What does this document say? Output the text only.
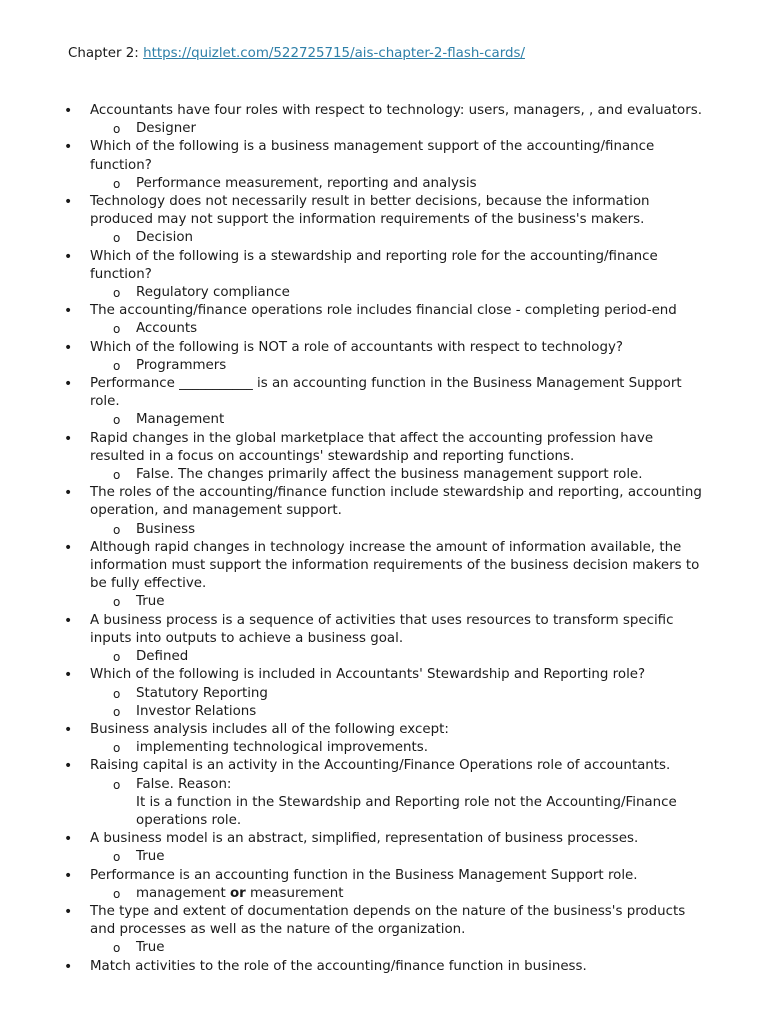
Chapter 2: https://quizlet.com/522725715/ais-chapter-2-flash-cards/
• Accountants have four roles with respect to technology: users, managers, , and evaluators.
o Designer
• Which of the following is a business management support of the accounting/finance
function?
o Performance measurement, reporting and analysis
• Technology does not necessarily result in better decisions, because the information
produced may not support the information requirements of the business's makers.
o Decision
• Which of the following is a stewardship and reporting role for the accounting/finance
function?
o Regulatory compliance
• The accounting/finance operations role includes financial close - completing period-end
o Accounts
• Which of the following is NOT a role of accountants with respect to technology?
o Programmers
• Performance ___________ is an accounting function in the Business Management Support
role.
o Management
• Rapid changes in the global marketplace that affect the accounting profession have
resulted in a focus on accountings' stewardship and reporting functions.
o False. The changes primarily affect the business management support role.
• The roles of the accounting/finance function include stewardship and reporting, accounting
operation, and management support.
o Business
• Although rapid changes in technology increase the amount of information available, the
information must support the information requirements of the business decision makers to
be fully effective.
o True
• A business process is a sequence of activities that uses resources to transform specific
inputs into outputs to achieve a business goal.
o Defined
• Which of the following is included in Accountants' Stewardship and Reporting role?
o Statutory Reporting
o Investor Relations
• Business analysis includes all of the following except:
o implementing technological improvements.
• Raising capital is an activity in the Accounting/Finance Operations role of accountants.
o False. Reason:
It is a function in the Stewardship and Reporting role not the Accounting/Finance
operations role.
• A business model is an abstract, simplified, representation of business processes.
o True
• Performance is an accounting function in the Business Management Support role.
o management or measurement
• The type and extent of documentation depends on the nature of the business's products
and processes as well as the nature of the organization.
o True
• Match activities to the role of the accounting/finance function in business.
